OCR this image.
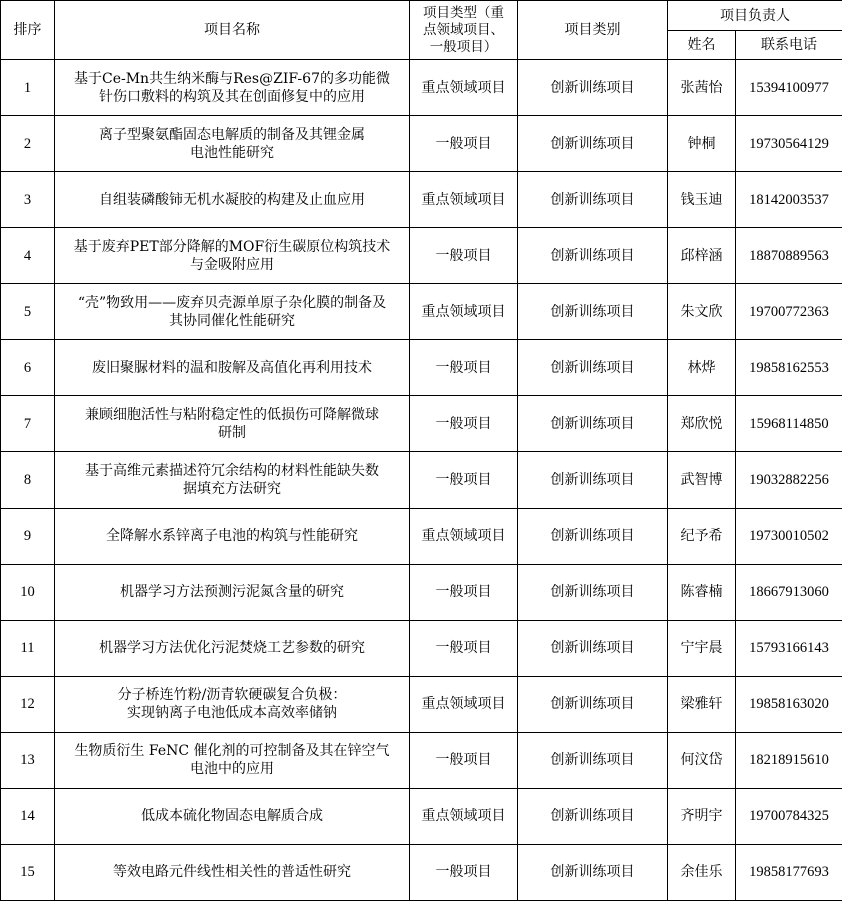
排序	项目名称	项目类型（重
点领域项目、
一般项目）	项目类别	项目负责人	
				姓名	联系电话
1	基于Ce-Mn共生纳米酶与Res@ZIF-67的多功能微
针伤口敷料的构筑及其在创面修复中的应用	重点领域项目	创新训练项目	张茜怡	15394100977
2	离子型聚氨酯固态电解质的制备及其锂金属
电池性能研究	一般项目	创新训练项目	钟桐	19730564129
3	自组装磷酸铈无机水凝胶的构建及止血应用	重点领域项目	创新训练项目	钱玉迪	18142003537
4	基于废弃PET部分降解的MOF衍生碳原位构筑技术
与金吸附应用	一般项目	创新训练项目	邱梓涵	18870889563
5	“壳”物致用——废弃贝壳源单原子杂化膜的制备及
其协同催化性能研究	重点领域项目	创新训练项目	朱文欣	19700772363
6	废旧聚脲材料的温和胺解及高值化再利用技术	一般项目	创新训练项目	林烨	19858162553
7	兼顾细胞活性与粘附稳定性的低损伤可降解微球
研制	一般项目	创新训练项目	郑欣悦	15968114850
8	基于高维元素描述符冗余结构的材料性能缺失数
据填充方法研究	一般项目	创新训练项目	武智博	19032882256
9	全降解水系锌离子电池的构筑与性能研究	重点领域项目	创新训练项目	纪予希	19730010502
10	机器学习方法预测污泥氮含量的研究	一般项目	创新训练项目	陈睿楠	18667913060
11	机器学习方法优化污泥焚烧工艺参数的研究	一般项目	创新训练项目	宁宇晨	15793166143
12	分子桥连竹粉/沥青软硬碳复合负极：
实现钠离子电池低成本高效率储钠	重点领域项目	创新训练项目	梁雅轩	19858163020
13	生物质衍生 FeNC 催化剂的可控制备及其在锌空气
电池中的应用	一般项目	创新训练项目	何汶岱	18218915610
14	低成本硫化物固态电解质合成	重点领域项目	创新训练项目	齐明宇	19700784325
15	等效电路元件线性相关性的普适性研究	一般项目	创新训练项目	余佳乐	19858177693
